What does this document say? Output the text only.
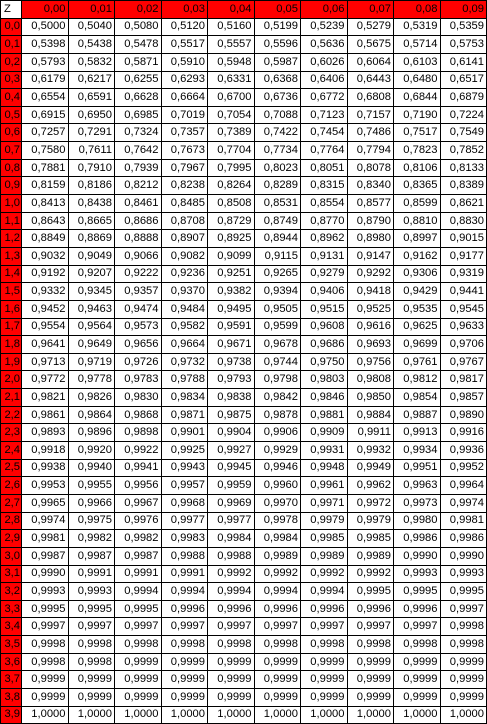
Z	0,00	0,01	0,02	0,03	0,04	0,05	0,06	0,07	0,08	0,09
0,0	0,5000	0,5040	0,5080	0,5120	0,5160	0,5199	0,5239	0,5279	0,5319	0,5359
0,1	0,5398	0,5438	0,5478	0,5517	0,5557	0,5596	0,5636	0,5675	0,5714	0,5753
0,2	0,5793	0,5832	0,5871	0,5910	0,5948	0,5987	0,6026	0,6064	0,6103	0,6141
0,3	0,6179	0,6217	0,6255	0,6293	0,6331	0,6368	0,6406	0,6443	0,6480	0,6517
0,4	0,6554	0,6591	0,6628	0,6664	0,6700	0,6736	0,6772	0,6808	0,6844	0,6879
0,5	0,6915	0,6950	0,6985	0,7019	0,7054	0,7088	0,7123	0,7157	0,7190	0,7224
0,6	0,7257	0,7291	0,7324	0,7357	0,7389	0,7422	0,7454	0,7486	0,7517	0,7549
0,7	0,7580	0,7611	0,7642	0,7673	0,7704	0,7734	0,7764	0,7794	0,7823	0,7852
0,8	0,7881	0,7910	0,7939	0,7967	0,7995	0,8023	0,8051	0,8078	0,8106	0,8133
0,9	0,8159	0,8186	0,8212	0,8238	0,8264	0,8289	0,8315	0,8340	0,8365	0,8389
1,0	0,8413	0,8438	0,8461	0,8485	0,8508	0,8531	0,8554	0,8577	0,8599	0,8621
1,1	0,8643	0,8665	0,8686	0,8708	0,8729	0,8749	0,8770	0,8790	0,8810	0,8830
1,2	0,8849	0,8869	0,8888	0,8907	0,8925	0,8944	0,8962	0,8980	0,8997	0,9015
1,3	0,9032	0,9049	0,9066	0,9082	0,9099	0,9115	0,9131	0,9147	0,9162	0,9177
1,4	0,9192	0,9207	0,9222	0,9236	0,9251	0,9265	0,9279	0,9292	0,9306	0,9319
1,5	0,9332	0,9345	0,9357	0,9370	0,9382	0,9394	0,9406	0,9418	0,9429	0,9441
1,6	0,9452	0,9463	0,9474	0,9484	0,9495	0,9505	0,9515	0,9525	0,9535	0,9545
1,7	0,9554	0,9564	0,9573	0,9582	0,9591	0,9599	0,9608	0,9616	0,9625	0,9633
1,8	0,9641	0,9649	0,9656	0,9664	0,9671	0,9678	0,9686	0,9693	0,9699	0,9706
1,9	0,9713	0,9719	0,9726	0,9732	0,9738	0,9744	0,9750	0,9756	0,9761	0,9767
2,0	0,9772	0,9778	0,9783	0,9788	0,9793	0,9798	0,9803	0,9808	0,9812	0,9817
2,1	0,9821	0,9826	0,9830	0,9834	0,9838	0,9842	0,9846	0,9850	0,9854	0,9857
2,2	0,9861	0,9864	0,9868	0,9871	0,9875	0,9878	0,9881	0,9884	0,9887	0,9890
2,3	0,9893	0,9896	0,9898	0,9901	0,9904	0,9906	0,9909	0,9911	0,9913	0,9916
2,4	0,9918	0,9920	0,9922	0,9925	0,9927	0,9929	0,9931	0,9932	0,9934	0,9936
2,5	0,9938	0,9940	0,9941	0,9943	0,9945	0,9946	0,9948	0,9949	0,9951	0,9952
2,6	0,9953	0,9955	0,9956	0,9957	0,9959	0,9960	0,9961	0,9962	0,9963	0,9964
2,7	0,9965	0,9966	0,9967	0,9968	0,9969	0,9970	0,9971	0,9972	0,9973	0,9974
2,8	0,9974	0,9975	0,9976	0,9977	0,9977	0,9978	0,9979	0,9979	0,9980	0,9981
2,9	0,9981	0,9982	0,9982	0,9983	0,9984	0,9984	0,9985	0,9985	0,9986	0,9986
3,0	0,9987	0,9987	0,9987	0,9988	0,9988	0,9989	0,9989	0,9989	0,9990	0,9990
3,1	0,9990	0,9991	0,9991	0,9991	0,9992	0,9992	0,9992	0,9992	0,9993	0,9993
3,2	0,9993	0,9993	0,9994	0,9994	0,9994	0,9994	0,9994	0,9995	0,9995	0,9995
3,3	0,9995	0,9995	0,9995	0,9996	0,9996	0,9996	0,9996	0,9996	0,9996	0,9997
3,4	0,9997	0,9997	0,9997	0,9997	0,9997	0,9997	0,9997	0,9997	0,9997	0,9998
3,5	0,9998	0,9998	0,9998	0,9998	0,9998	0,9998	0,9998	0,9998	0,9998	0,9998
3,6	0,9998	0,9998	0,9999	0,9999	0,9999	0,9999	0,9999	0,9999	0,9999	0,9999
3,7	0,9999	0,9999	0,9999	0,9999	0,9999	0,9999	0,9999	0,9999	0,9999	0,9999
3,8	0,9999	0,9999	0,9999	0,9999	0,9999	0,9999	0,9999	0,9999	0,9999	0,9999
3,9	1,0000	1,0000	1,0000	1,0000	1,0000	1,0000	1,0000	1,0000	1,0000	1,0000
